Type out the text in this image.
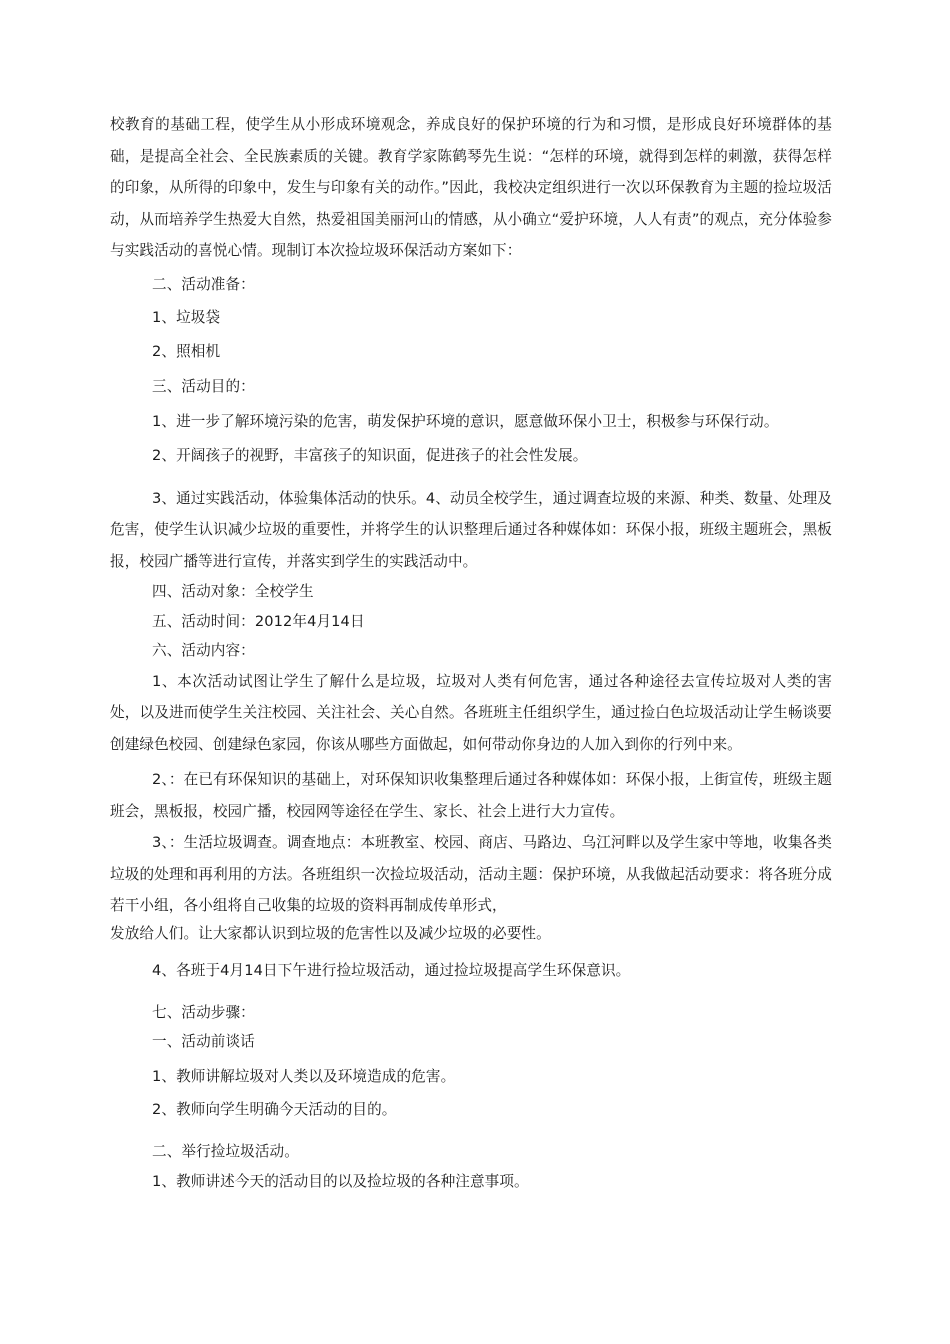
校教育的基础工程，使学生从小形成环境观念，养成良好的保护环境的行为和习惯，是形成良好环境群体的基础，是提高全社会、全民族素质的关键。教育学家陈鹤琴先生说：“怎样的环境，就得到怎样的刺激，获得怎样的印象，从所得的印象中，发生与印象有关的动作。”因此，我校决定组织进行一次以环保教育为主题的捡垃圾活动，从而培养学生热爱大自然，热爱祖国美丽河山的情感，从小确立“爱护环境，人人有责”的观点，充分体验参与实践活动的喜悦心情。现制订本次捡垃圾环保活动方案如下：

二、活动准备：

1、垃圾袋

2、照相机

三、活动目的：

1、进一步了解环境污染的危害，萌发保护环境的意识，愿意做环保小卫士，积极参与环保行动。

2、开阔孩子的视野，丰富孩子的知识面，促进孩子的社会性发展。

3、通过实践活动，体验集体活动的快乐。4、动员全校学生，通过调查垃圾的来源、种类、数量、处理及危害，使学生认识减少垃圾的重要性，并将学生的认识整理后通过各种媒体如：环保小报，班级主题班会，黑板报，校园广播等进行宣传，并落实到学生的实践活动中。

四、活动对象：全校学生

五、活动时间：2012年4月14日

六、活动内容：

1、本次活动试图让学生了解什么是垃圾，垃圾对人类有何危害，通过各种途径去宣传垃圾对人类的害处，以及进而使学生关注校园、关注社会、关心自然。各班班主任组织学生，通过捡白色垃圾活动让学生畅谈要创建绿色校园、创建绿色家园，你该从哪些方面做起，如何带动你身边的人加入到你的行列中来。

2、：在已有环保知识的基础上，对环保知识收集整理后通过各种媒体如：环保小报，上街宣传，班级主题班会，黑板报，校园广播，校园网等途径在学生、家长、社会上进行大力宣传。

3、：生活垃圾调查。调查地点：本班教室、校园、商店、马路边、乌江河畔以及学生家中等地，收集各类垃圾的处理和再利用的方法。各班组织一次捡垃圾活动，活动主题：保护环境，从我做起活动要求：将各班分成若干小组，各小组将自己收集的垃圾的资料再制成传单形式，

发放给人们。让大家都认识到垃圾的危害性以及减少垃圾的必要性。

4、各班于4月14日下午进行捡垃圾活动，通过捡垃圾提高学生环保意识。

七、活动步骤：

一、活动前谈话

1、教师讲解垃圾对人类以及环境造成的危害。

2、教师向学生明确今天活动的目的。

二、举行捡垃圾活动。

1、教师讲述今天的活动目的以及捡垃圾的各种注意事项。
